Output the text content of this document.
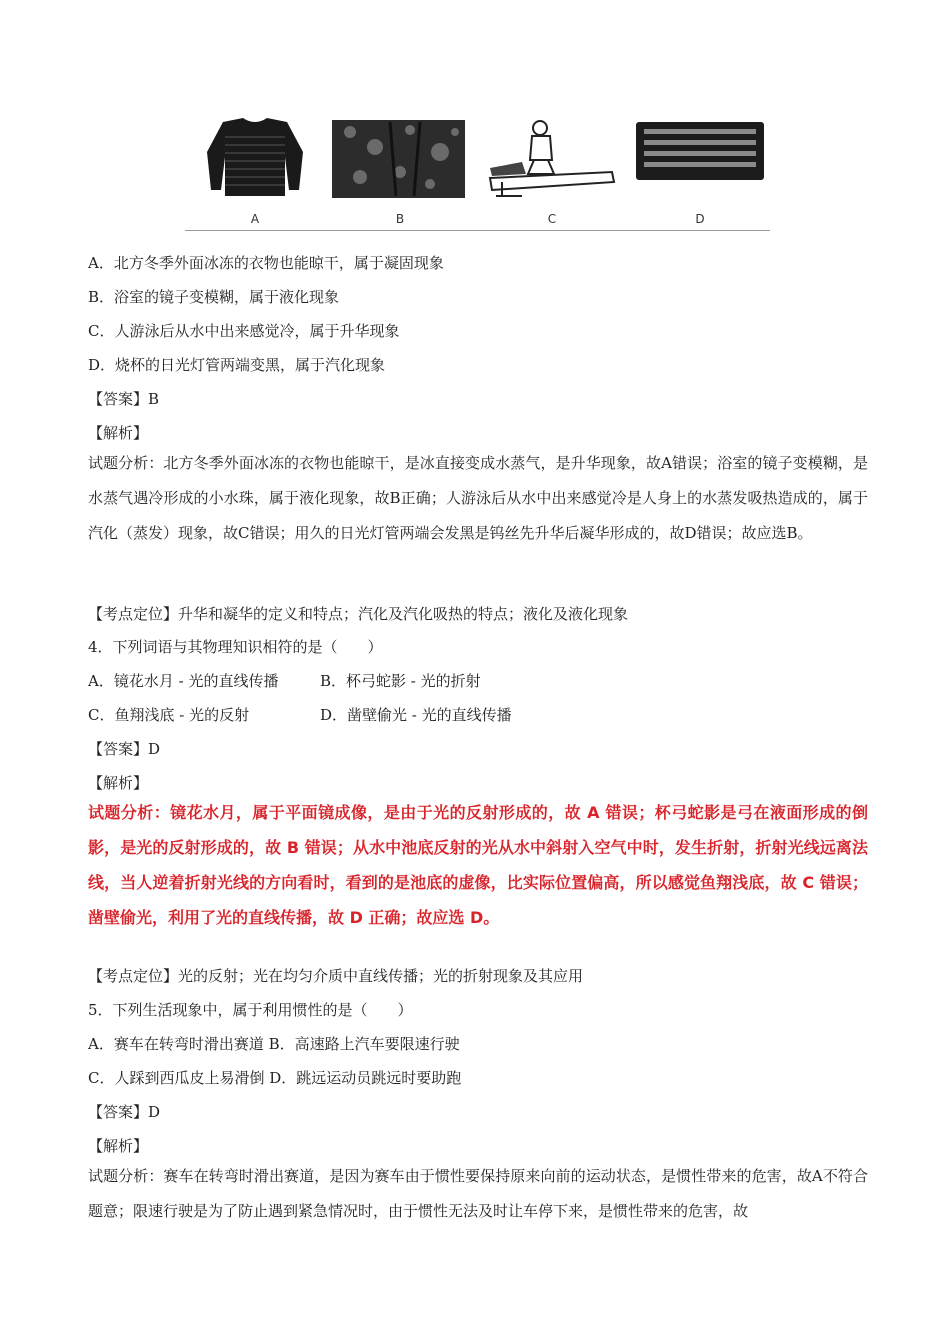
A	B	C	D
A．北方冬季外面冰冻的衣物也能晾干，属于凝固现象
B．浴室的镜子变模糊，属于液化现象
C．人游泳后从水中出来感觉冷，属于升华现象
D．烧杯的日光灯管两端变黑，属于汽化现象
【答案】B
【解析】
试题分析：北方冬季外面冰冻的衣物也能晾干，是冰直接变成水蒸气，是升华现象，故A错误；浴室的镜子变模糊，是水蒸气遇冷形成的小水珠，属于液化现象，故B正确；人游泳后从水中出来感觉冷是人身上的水蒸发吸热造成的，属于汽化（蒸发）现象，故C错误；用久的日光灯管两端会发黑是钨丝先升华后凝华形成的，故D错误；故应选B。
【考点定位】升华和凝华的定义和特点；汽化及汽化吸热的特点；液化及液化现象
4．下列词语与其物理知识相符的是（　　）
A．镜花水月 - 光的直线传播	B．杯弓蛇影 - 光的折射
C．鱼翔浅底 - 光的反射	D．凿壁偷光 - 光的直线传播
【答案】D
【解析】
试题分析：镜花水月，属于平面镜成像，是由于光的反射形成的，故 A 错误；杯弓蛇影是弓在液面形成的倒影，是光的反射形成的，故 B 错误；从水中池底反射的光从水中斜射入空气中时，发生折射，折射光线远离法线，当人逆着折射光线的方向看时，看到的是池底的虚像，比实际位置偏高，所以感觉鱼翔浅底，故 C 错误；凿壁偷光，利用了光的直线传播，故 D 正确；故应选 D。
【考点定位】光的反射；光在均匀介质中直线传播；光的折射现象及其应用
5．下列生活现象中，属于利用惯性的是（　　）
A．赛车在转弯时滑出赛道 B．高速路上汽车要限速行驶
C．人踩到西瓜皮上易滑倒 D．跳远运动员跳远时要助跑
【答案】D
【解析】
试题分析：赛车在转弯时滑出赛道，是因为赛车由于惯性要保持原来向前的运动状态，是惯性带来的危害，故A不符合题意；限速行驶是为了防止遇到紧急情况时，由于惯性无法及时让车停下来，是惯性带来的危害，故
